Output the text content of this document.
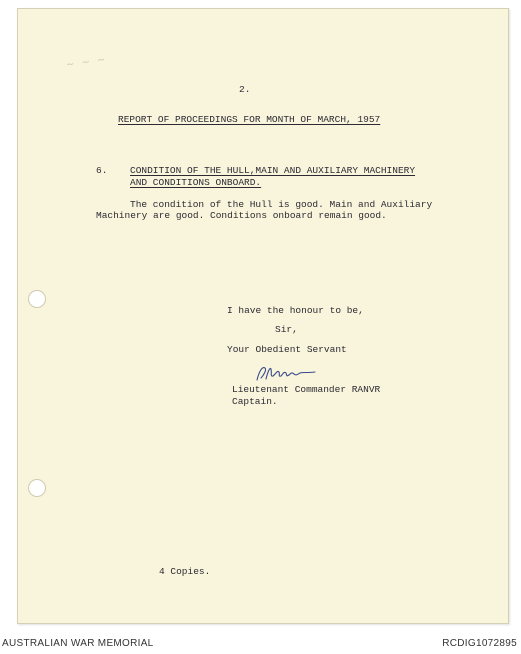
~ ~ ~
2.
REPORT OF PROCEEDINGS FOR MONTH OF MARCH, 1957
6. CONDITION OF THE HULL,MAIN AND AUXILIARY MACHINERY
AND CONDITIONS ONBOARD.
The condition of the Hull is good. Main and Auxiliary
Machinery are good. Conditions onboard remain good.
I have the honour to be,
Sir,
Your Obedient Servant
Lieutenant Commander RANVR
Captain.
4 Copies.
AUSTRALIAN WAR MEMORIAL	RCDIG1072895
